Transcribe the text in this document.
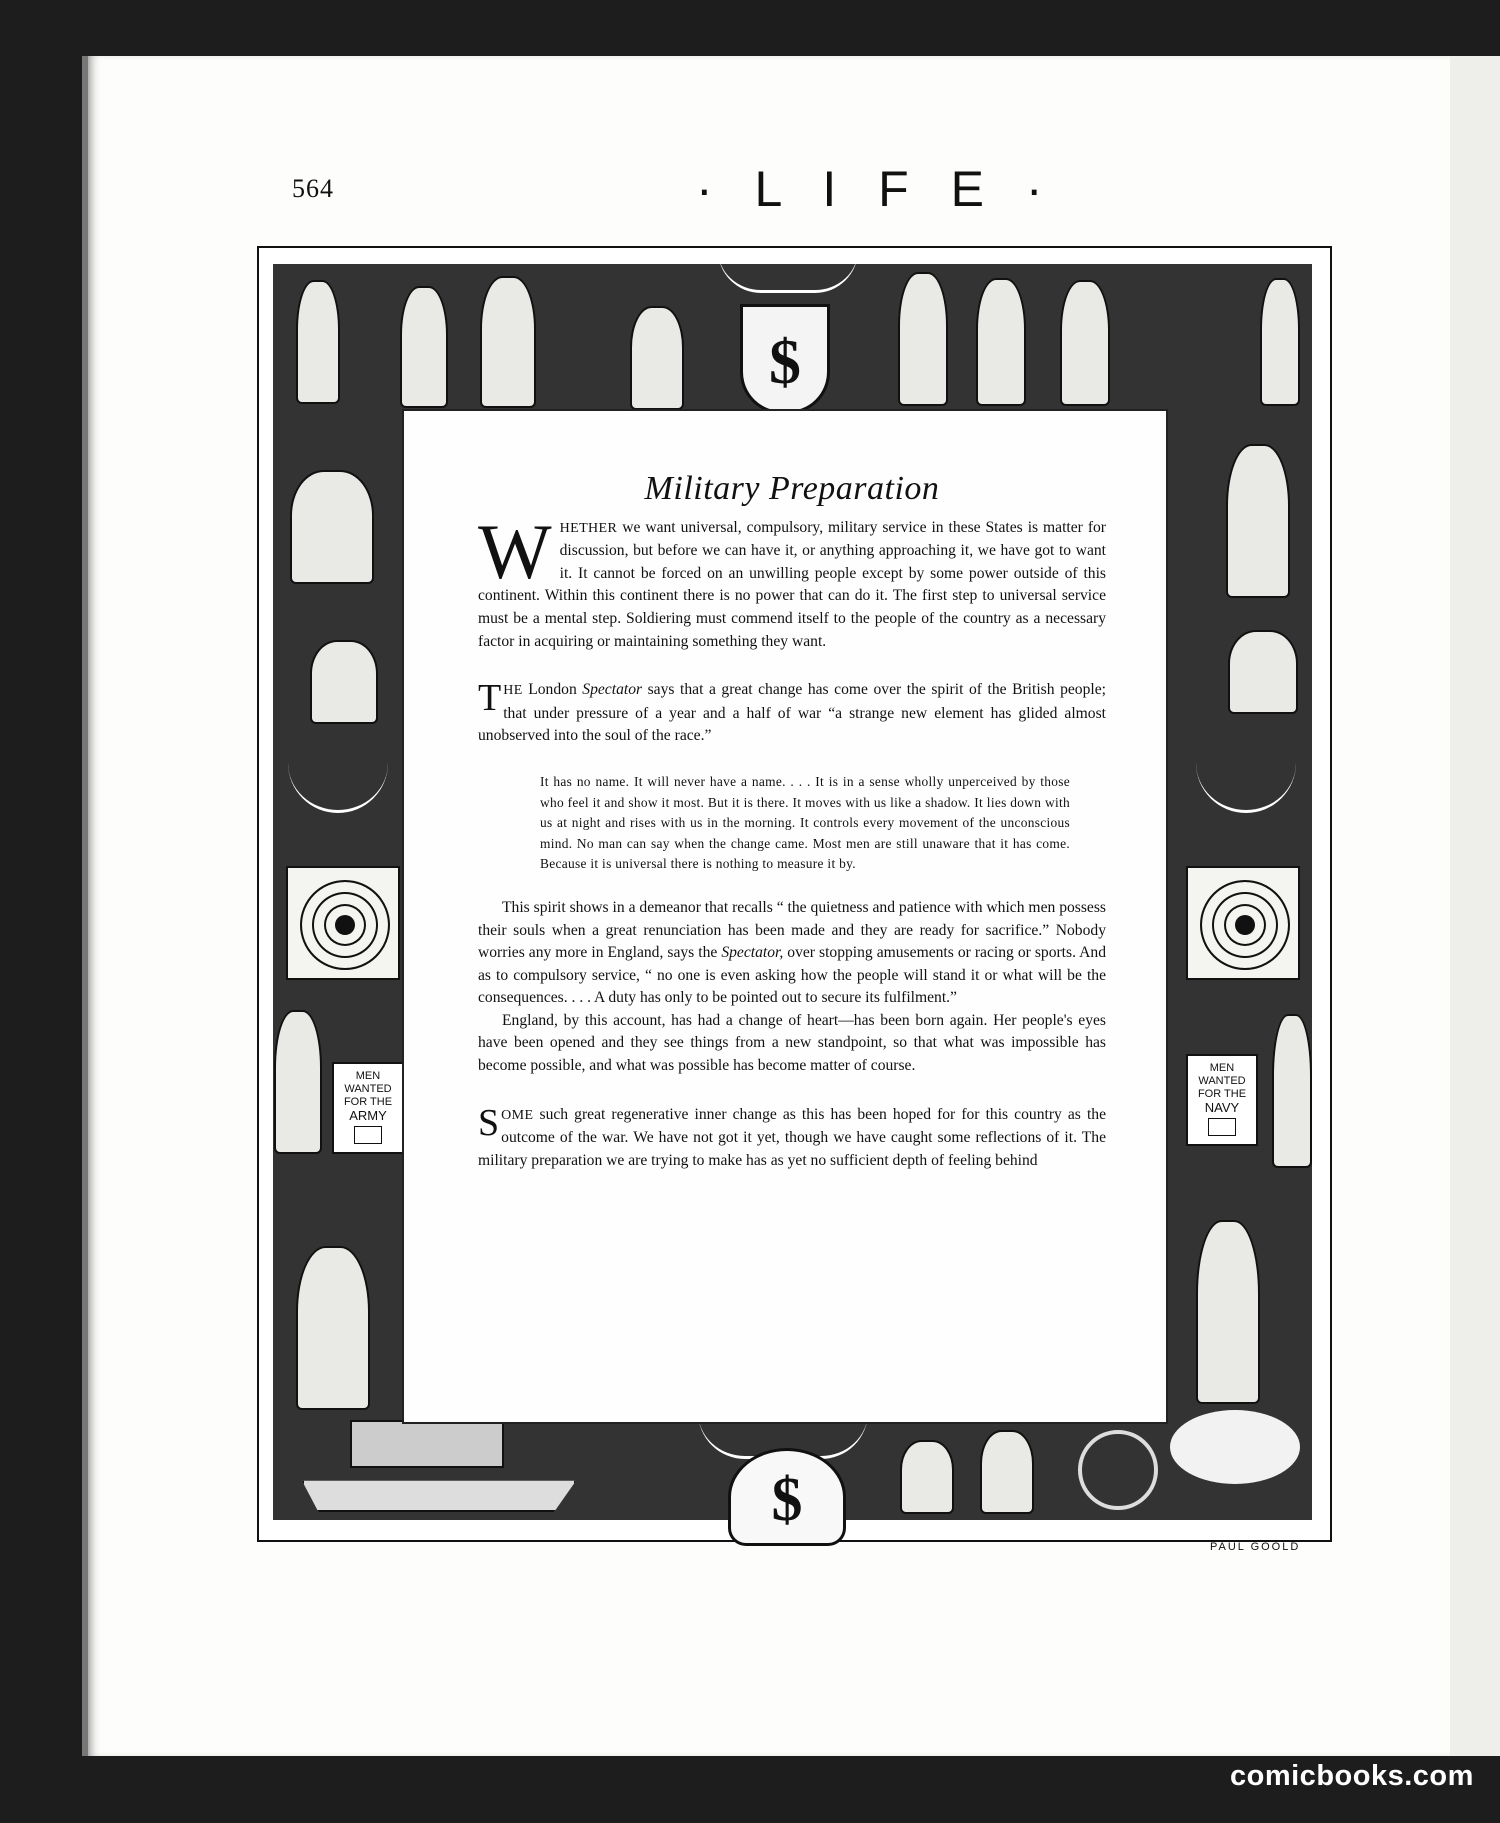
564	· L I F E ·
$
MEN
WANTED
FOR THE
ARMY
MEN
WANTED
FOR THE
NAVY
$
Military Preparation

WHETHER we want universal, compulsory, military service in these States is matter for discussion, but before we can have it, or anything approaching it, we have got to want it. It cannot be forced on an unwilling people except by some power outside of this continent. Within this continent there is no power that can do it. The first step to universal service must be a mental step. Soldiering must commend itself to the people of the country as a necessary factor in acquiring or maintaining something they want.

THE London Spectator says that a great change has come over the spirit of the British people; that under pressure of a year and a half of war “a strange new element has glided almost unobserved into the soul of the race.”

It has no name. It will never have a name. . . . It is in a sense wholly unperceived by those who feel it and show it most. But it is there. It moves with us like a shadow. It lies down with us at night and rises with us in the morning. It controls every movement of the unconscious mind. No man can say when the change came. Most men are still unaware that it has come. Because it is universal there is nothing to measure it by.

This spirit shows in a demeanor that recalls “ the quietness and patience with which men possess their souls when a great renunciation has been made and they are ready for sacrifice.” Nobody worries any more in England, says the Spectator, over stopping amusements or racing or sports. And as to compulsory service, “ no one is even asking how the people will stand it or what will be the consequences. . . . A duty has only to be pointed out to secure its fulfilment.”

England, by this account, has had a change of heart—has been born again. Her people's eyes have been opened and they see things from a new standpoint, so that what was impossible has become possible, and what was possible has become matter of course.

SOME such great regenerative inner change as this has been hoped for for this country as the outcome of the war. We have not got it yet, though we have caught some reflections of it. The military preparation we are trying to make has as yet no sufficient depth of feeling behind

PAUL GOOLD
comicbooks.com
